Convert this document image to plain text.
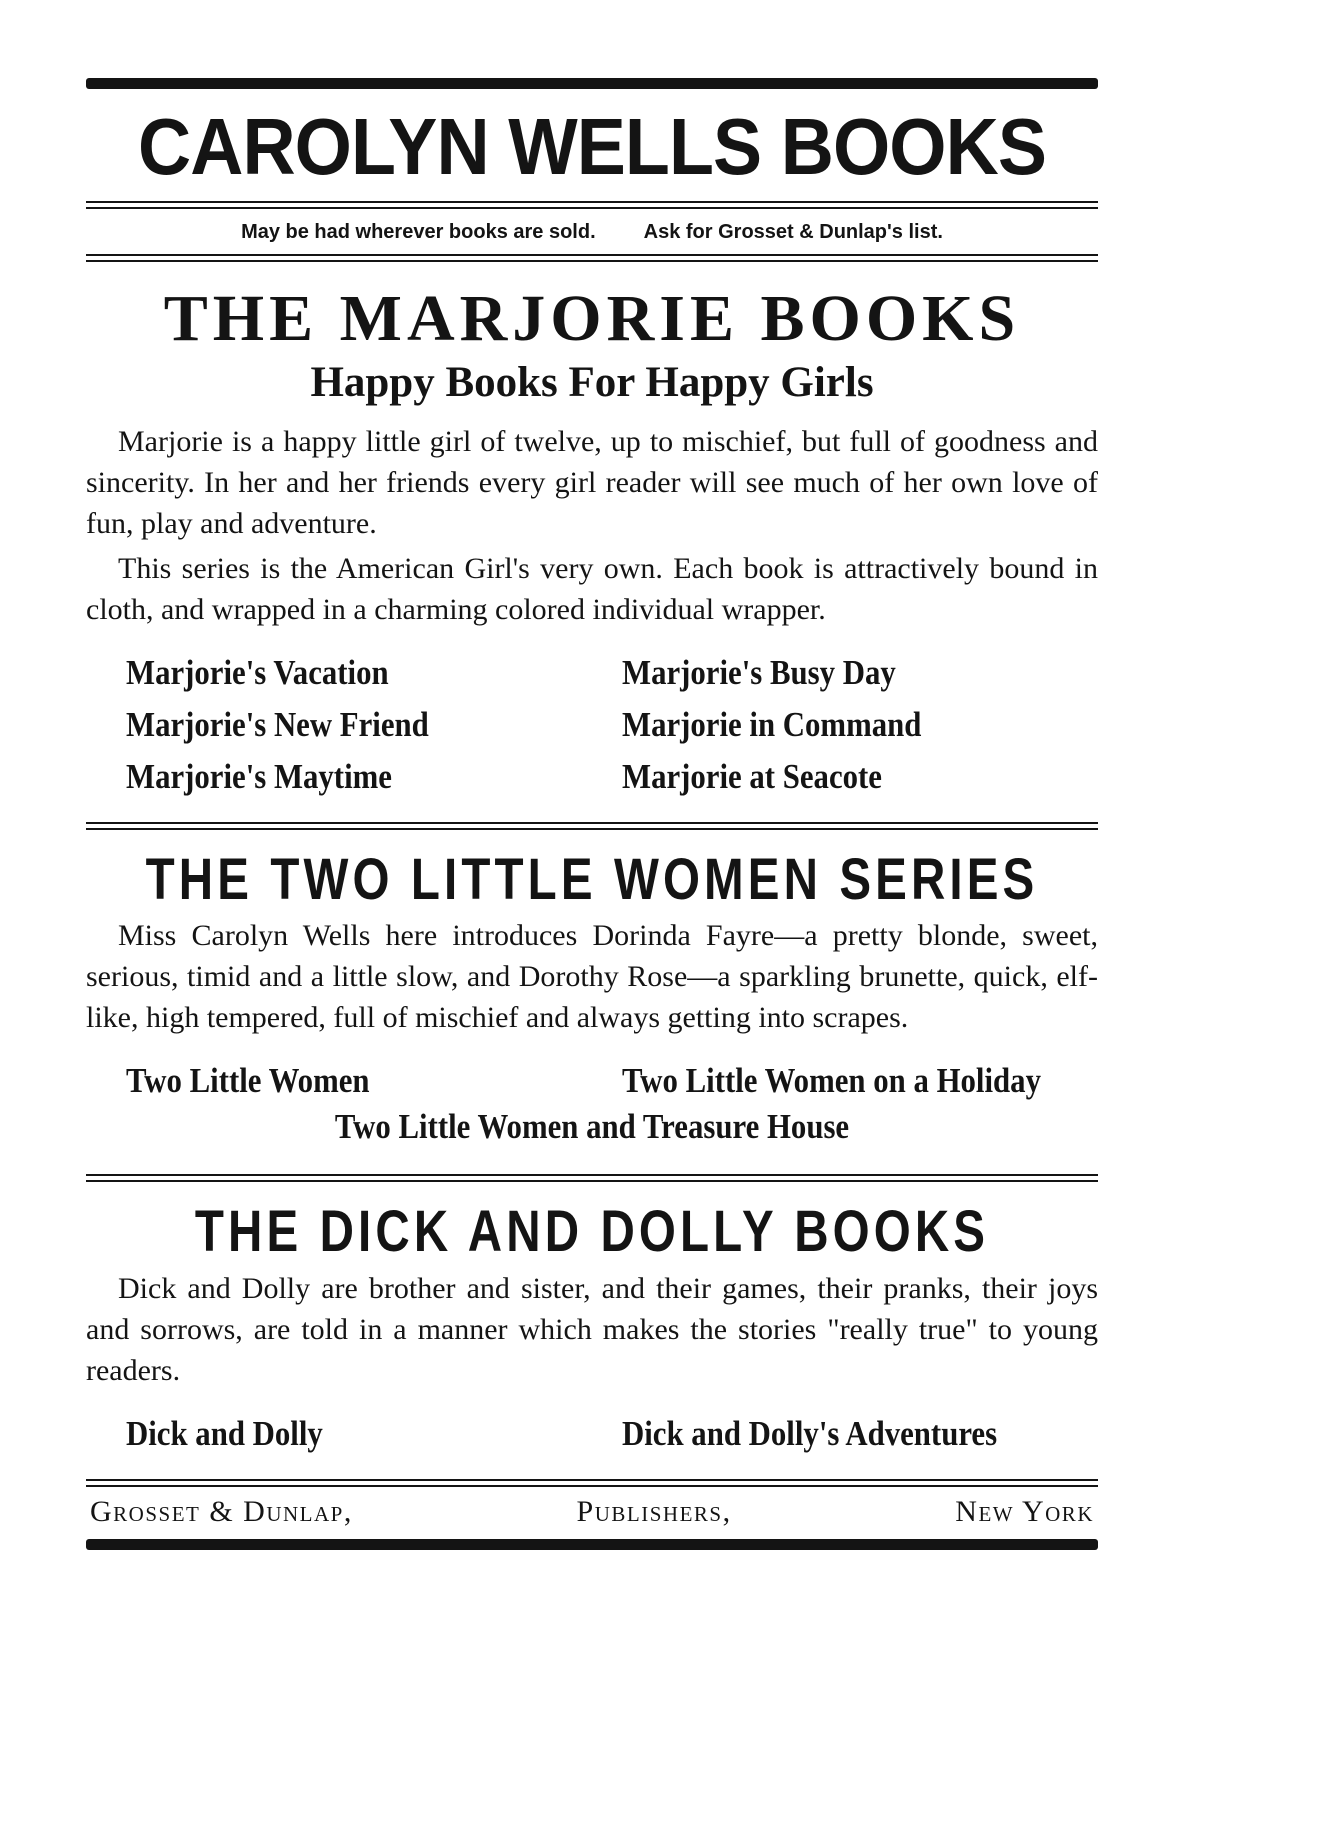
CAROLYN WELLS BOOKS
May be had wherever books are sold. Ask for Grosset & Dunlap's list.
THE MARJORIE BOOKS
Happy Books For Happy Girls

Marjorie is a happy little girl of twelve, up to mischief, but full of goodness and sincerity. In her and her friends every girl reader will see much of her own love of fun, play and adventure.

This series is the American Girl's very own. Each book is attractively bound in cloth, and wrapped in a charming colored individual wrapper.

Marjorie's Vacation	Marjorie's Busy Day
Marjorie's New Friend	Marjorie in Command
Marjorie's Maytime	Marjorie at Seacote
THE TWO LITTLE WOMEN SERIES

Miss Carolyn Wells here introduces Dorinda Fayre—a pretty blonde, sweet, serious, timid and a little slow, and Dorothy Rose—a sparkling brunette, quick, elf-like, high tempered, full of mischief and always getting into scrapes.

Two Little Women	Two Little Women on a Holiday
Two Little Women and Treasure House
THE DICK AND DOLLY BOOKS

Dick and Dolly are brother and sister, and their games, their pranks, their joys and sorrows, are told in a manner which makes the stories "really true" to young readers.

Dick and Dolly	Dick and Dolly's Adventures
Grosset & Dunlap,	Publishers,	New York
